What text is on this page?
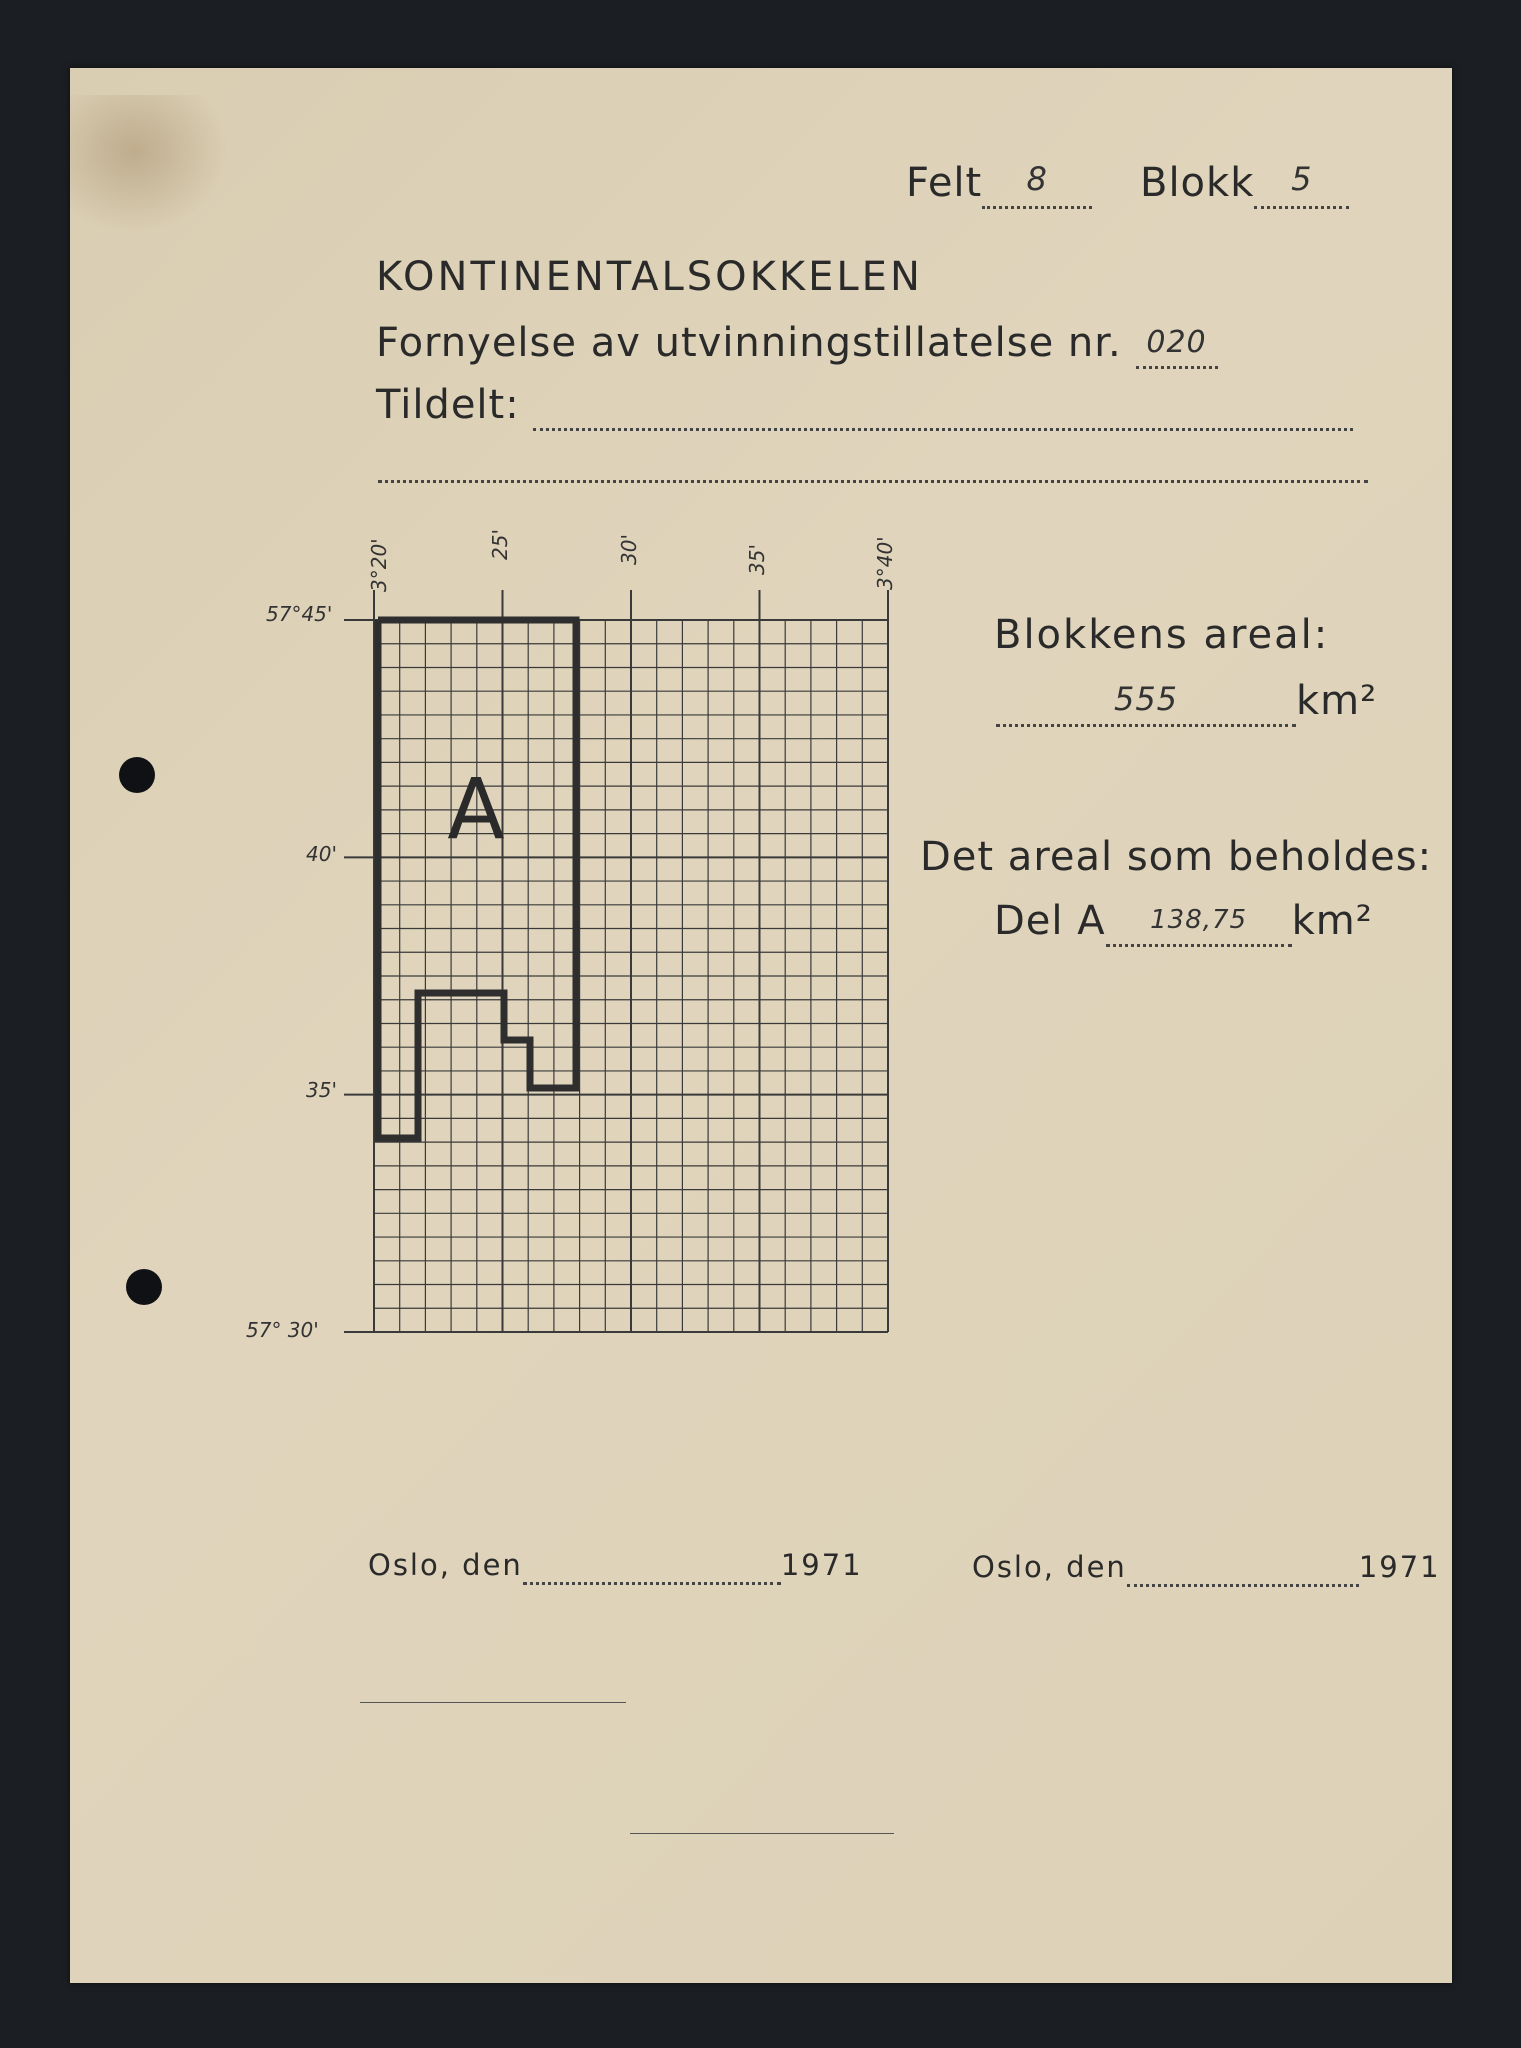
Felt 8	Blokk 5
KONTINENTALSOKKELEN
Fornyelse av utvinningstillatelse nr. 020
Tildelt:
A
3°20'	25'	30'	35'	3°40'
57°45'
40'
35'
57° 30'
Blokkens areal:
555	km²
Det areal som beholdes:
Del A 138,75 km²
Oslo, den	1971	Oslo, den	1971
